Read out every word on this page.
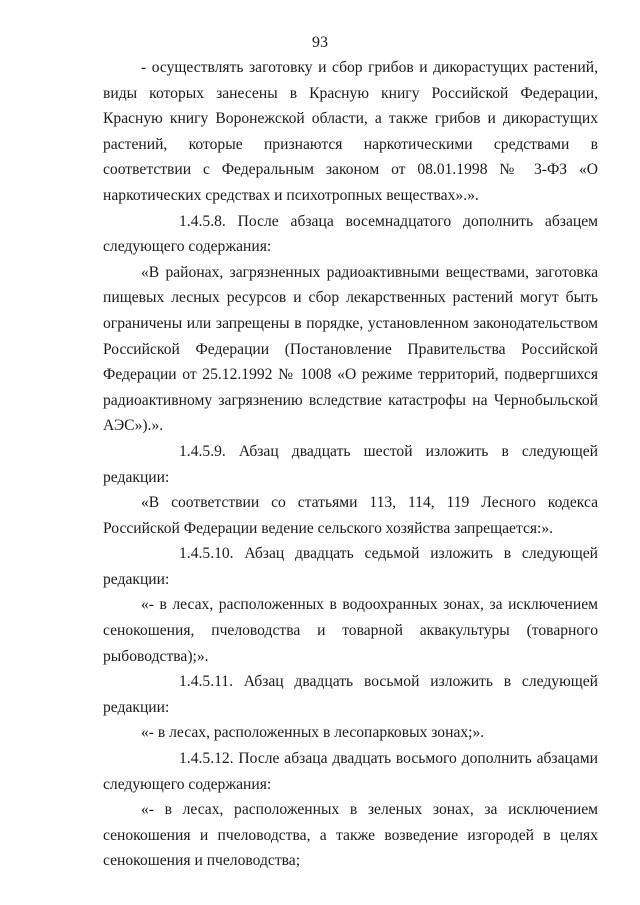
93

- осуществлять заготовку и сбор грибов и дикорастущих растений, виды которых занесены в Красную книгу Российской Федерации, Красную книгу Воронежской области, а также грибов и дикорастущих растений, которые признаются наркотическими средствами в соответствии с Федеральным законом от 08.01.1998 № 3-ФЗ «О наркотических средствах и психотропных веществах».».

1.4.5.8. После абзаца восемнадцатого дополнить абзацем следующего содержания:

«В районах, загрязненных радиоактивными веществами, заготовка пищевых лесных ресурсов и сбор лекарственных растений могут быть ограничены или запрещены в порядке, установленном законодательством Российской Федерации (Постановление Правительства Российской Федерации от 25.12.1992 № 1008 «О режиме территорий, подвергшихся радиоактивному загрязнению вследствие катастрофы на Чернобыльской АЭС»).».

1.4.5.9. Абзац двадцать шестой изложить в следующей редакции:

«В соответствии со статьями 113, 114, 119 Лесного кодекса Российской Федерации ведение сельского хозяйства запрещается:».

1.4.5.10. Абзац двадцать седьмой изложить в следующей редакции:

«- в лесах, расположенных в водоохранных зонах, за исключением сенокошения, пчеловодства и товарной аквакультуры (товарного рыбоводства);».

1.4.5.11. Абзац двадцать восьмой изложить в следующей редакции:

«- в лесах, расположенных в лесопарковых зонах;».

1.4.5.12. После абзаца двадцать восьмого дополнить абзацами следующего содержания:

«- в лесах, расположенных в зеленых зонах, за исключением сенокошения и пчеловодства, а также возведение изгородей в целях сенокошения и пчеловодства;
